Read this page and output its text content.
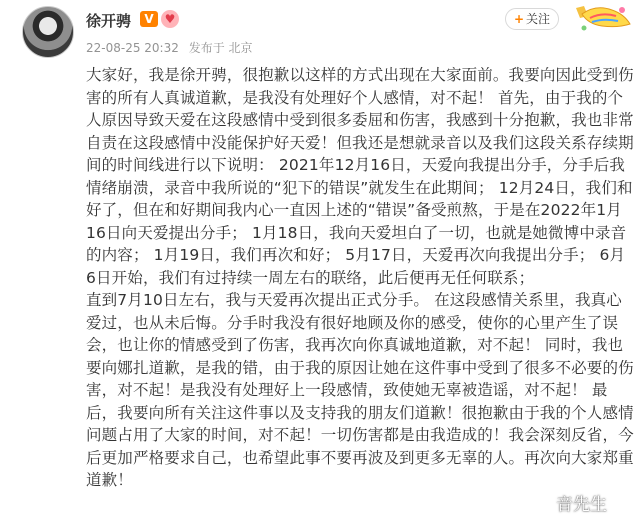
徐开骋	V ♥
22-08-25 20:32 发布于 北京
+ 关注

大家好，我是徐开骋，很抱歉以这样的方式出现在大家面前。我要向因此受到伤害的所有人真诚道歉，是我没有处理好个人感情，对不起！ 首先，由于我的个人原因导致天爱在这段感情中受到很多委屈和伤害，我感到十分抱歉，我也非常自责在这段感情中没能保护好天爱！但我还是想就录音以及我们这段关系存续期间的时间线进行以下说明： 2021年12月16日，天爱向我提出分手，分手后我情绪崩溃，录音中我所说的“犯下的错误”就发生在此期间； 12月24日，我们和好了，但在和好期间我内心一直因上述的“错误”备受煎熬，于是在2022年1月16日向天爱提出分手； 1月18日，我向天爱坦白了一切，也就是她微博中录音的内容； 1月19日，我们再次和好； 5月17日，天爱再次向我提出分手； 6月6日开始，我们有过持续一周左右的联络，此后便再无任何联系；

直到7月10日左右，我与天爱再次提出正式分手。 在这段感情关系里，我真心爱过，也从未后悔。分手时我没有很好地顾及你的感受，使你的心里产生了误会，也让你的情感受到了伤害，我再次向你真诚地道歉，对不起！ 同时，我也要向娜扎道歉，是我的错，由于我的原因让她在这件事中受到了很多不必要的伤害，对不起！是我没有处理好上一段感情，致使她无辜被造谣，对不起！ 最后，我要向所有关注这件事以及支持我的朋友们道歉！很抱歉由于我的个人感情问题占用了大家的时间，对不起！一切伤害都是由我造成的！我会深刻反省，今后更加严格要求自己，也希望此事不要再波及到更多无辜的人。再次向大家郑重道歉！

音先生
